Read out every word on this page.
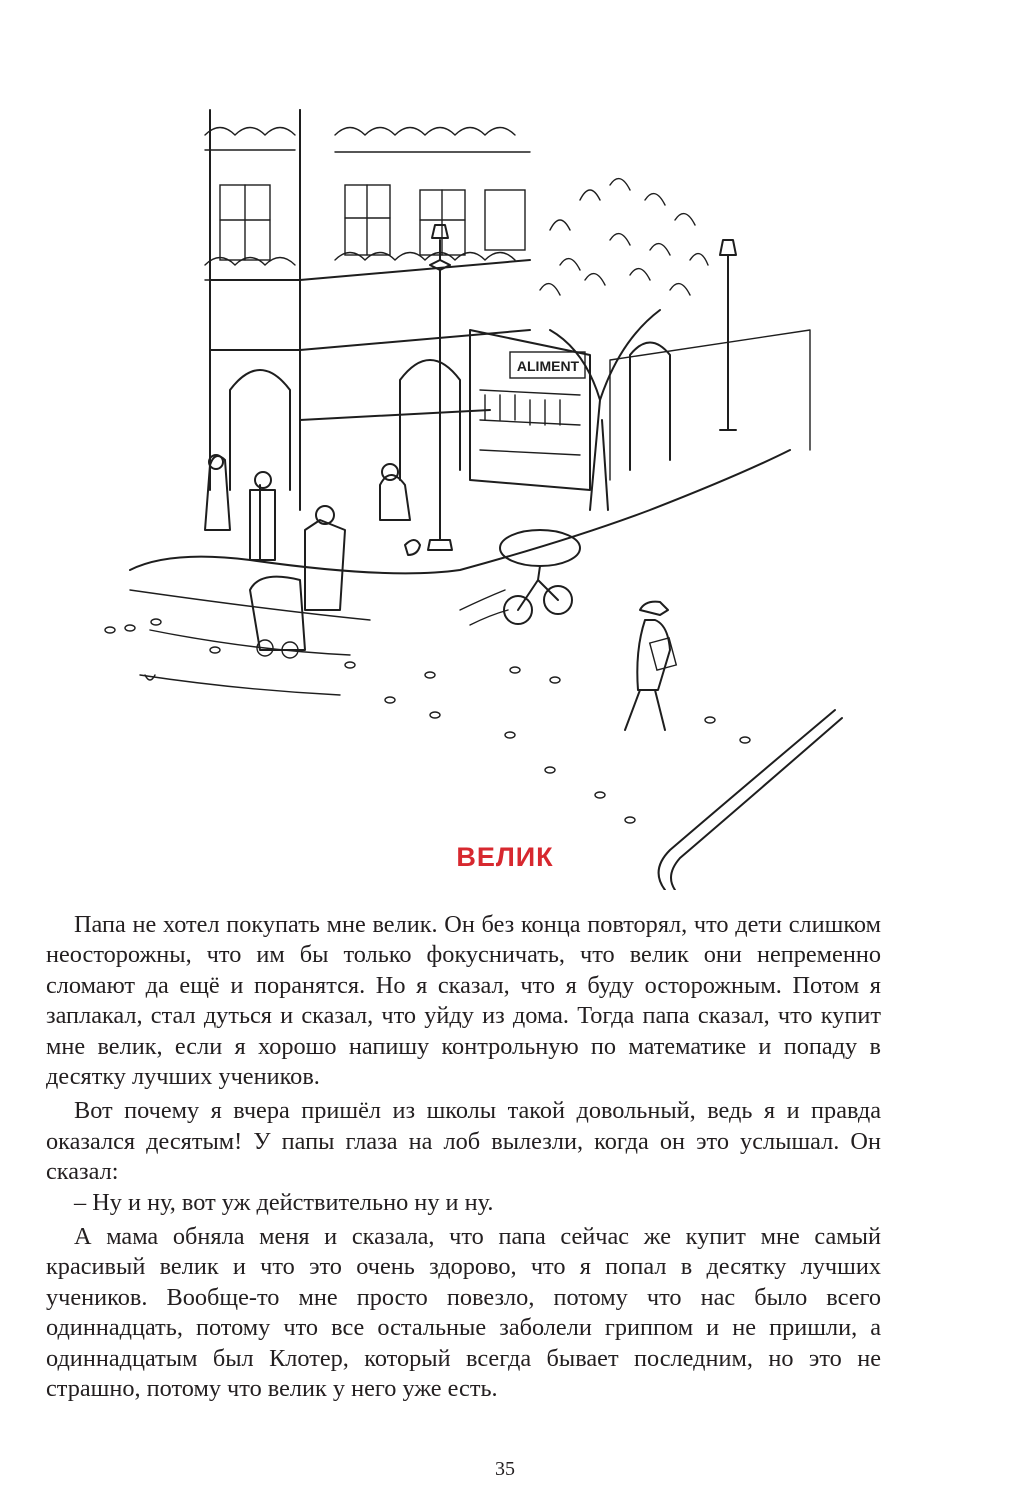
ALIMENT
ВЕЛИК

Папа не хотел покупать мне велик. Он без конца повторял, что дети слишком неосторожны, что им бы только фокусничать, что велик они непременно сломают да ещё и поранятся. Но я сказал, что я буду осторожным. Потом я заплакал, стал дуться и сказал, что уйду из дома. Тогда папа сказал, что купит мне велик, если я хорошо напишу контрольную по математике и попаду в десятку лучших учеников.

Вот почему я вчера пришёл из школы такой довольный, ведь я и правда оказался десятым! У папы глаза на лоб вылезли, когда он это услышал. Он сказал:

– Ну и ну, вот уж действительно ну и ну.

А мама обняла меня и сказала, что папа сейчас же купит мне самый красивый велик и что это очень здорово, что я попал в десятку лучших учеников. Вообще-то мне просто повезло, потому что нас было всего одиннадцать, потому что все остальные заболели гриппом и не пришли, а одиннадцатым был Клотер, который всегда бывает последним, но это не страшно, потому что велик у него уже есть.

35
